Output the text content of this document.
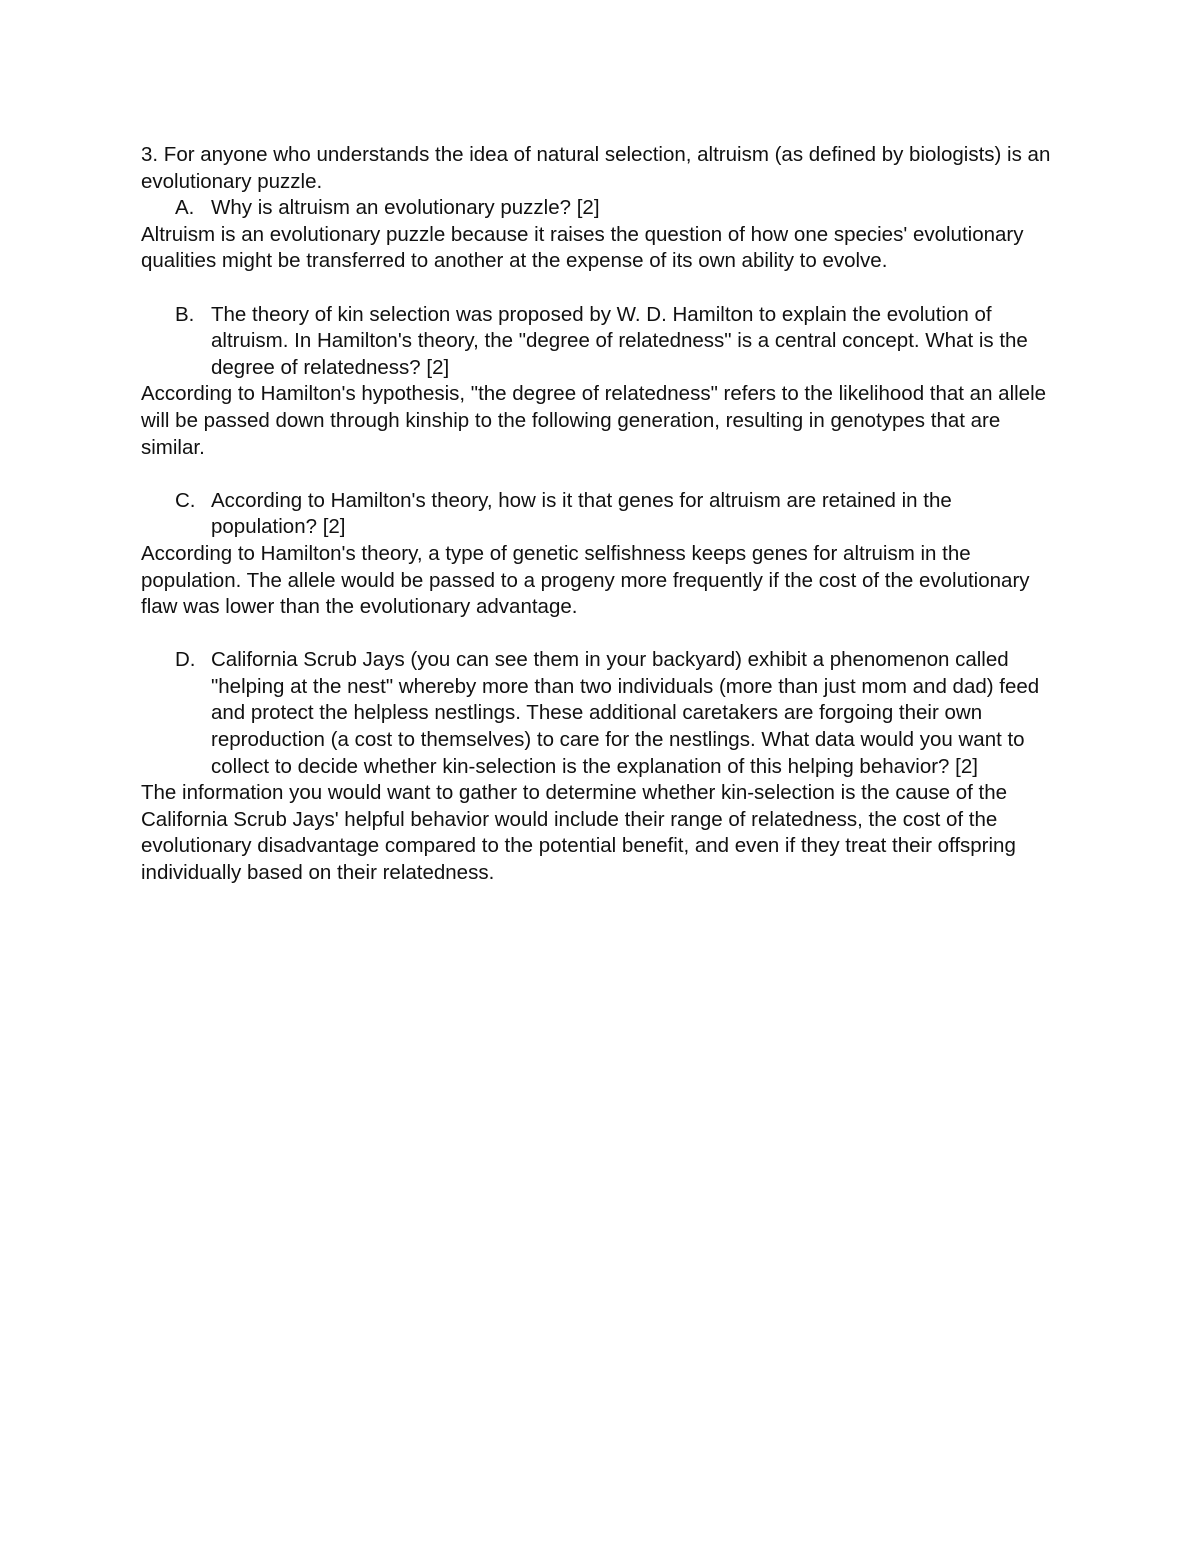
3. For anyone who understands the idea of natural selection, altruism (as defined by biologists) is an evolutionary puzzle.

A. Why is altruism an evolutionary puzzle? [2]

Altruism is an evolutionary puzzle because it raises the question of how one species' evolutionary qualities might be transferred to another at the expense of its own ability to evolve.

B. The theory of kin selection was proposed by W. D. Hamilton to explain the evolution of altruism. In Hamilton's theory, the "degree of relatedness" is a central concept. What is the degree of relatedness? [2]

According to Hamilton's hypothesis, "the degree of relatedness" refers to the likelihood that an allele will be passed down through kinship to the following generation, resulting in genotypes that are similar.

C. According to Hamilton's theory, how is it that genes for altruism are retained in the population? [2]

According to Hamilton's theory, a type of genetic selfishness keeps genes for altruism in the population. The allele would be passed to a progeny more frequently if the cost of the evolutionary flaw was lower than the evolutionary advantage.

D. California Scrub Jays (you can see them in your backyard) exhibit a phenomenon called "helping at the nest" whereby more than two individuals (more than just mom and dad) feed and protect the helpless nestlings. These additional caretakers are forgoing their own reproduction (a cost to themselves) to care for the nestlings. What data would you want to collect to decide whether kin-selection is the explanation of this helping behavior? [2]

The information you would want to gather to determine whether kin-selection is the cause of the California Scrub Jays' helpful behavior would include their range of relatedness, the cost of the evolutionary disadvantage compared to the potential benefit, and even if they treat their offspring individually based on their relatedness.
